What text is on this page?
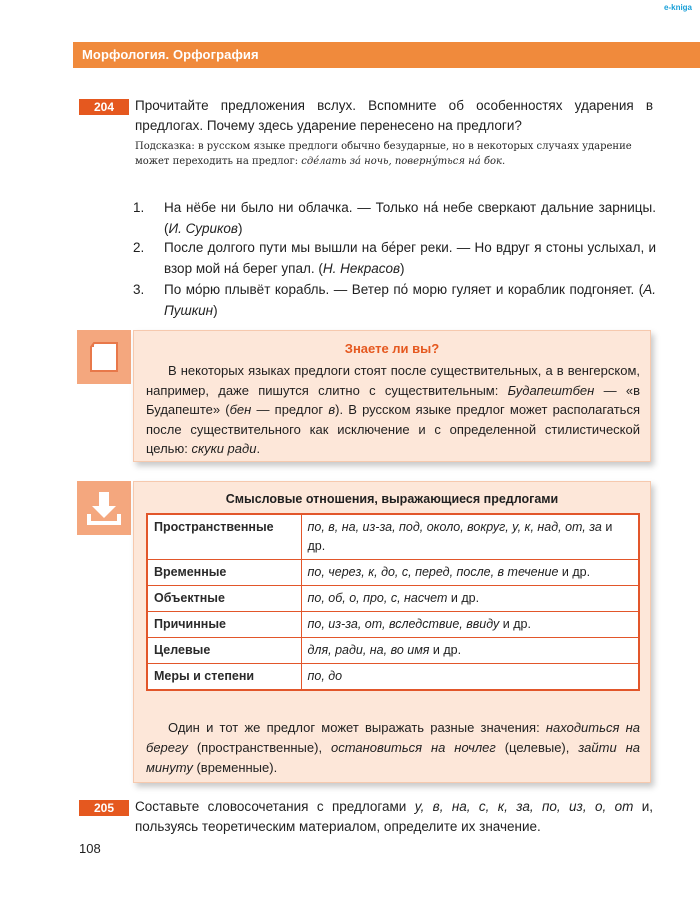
e-kniga
Морфология. Орфография
204	Прочитайте предложения вслух. Вспомните об особенностях ударения в предлогах. Почему здесь ударение перенесено на предлоги?
Подсказка: в русском языке предлоги обычно безударные, но в некоторых случаях ударение может переходить на предлог: сде́лать за́ ночь, поверну́ться на́ бок.
1.	На нёбе ни было ни облачка. — Только на́ небе сверкают дальние зарницы. (И. Суриков)
2.	После долгого пути мы вышли на бе́рег реки. — Но вдруг я стоны услыхал, и взор мой на́ берег упал. (Н. Некрасов)
3.	По мо́рю плывёт корабль. — Ветер по́ морю гуляет и кораблик подгоняет. (А. Пушкин)
Знаете ли вы?
В некоторых языках предлоги стоят после существительных, а в венгерском, например, даже пишутся слитно с существительным: Будапештбен — «в Будапеште» (бен — предлог в). В русском языке предлог может располагаться после существительного как исключение и с определенной стилистической целью: скуки ради.
Смысловые отношения, выражающиеся предлогами
Пространственные	по, в, на, из-за, под, около, вокруг, у, к, над, от, за и др.
Временные	по, через, к, до, с, перед, после, в течение и др.
Объектные	по, об, о, про, с, насчет и др.
Причинные	по, из-за, от, вследствие, ввиду и др.
Целевые	для, ради, на, во имя и др.
Меры и степени	по, до
Один и тот же предлог может выражать разные значения: находиться на берегу (пространственные), остановиться на ночлег (целевые), зайти на минуту (временные).
205	Составьте словосочетания с предлогами у, в, на, с, к, за, по, из, о, от и, пользуясь теоретическим материалом, определите их значение.
108
